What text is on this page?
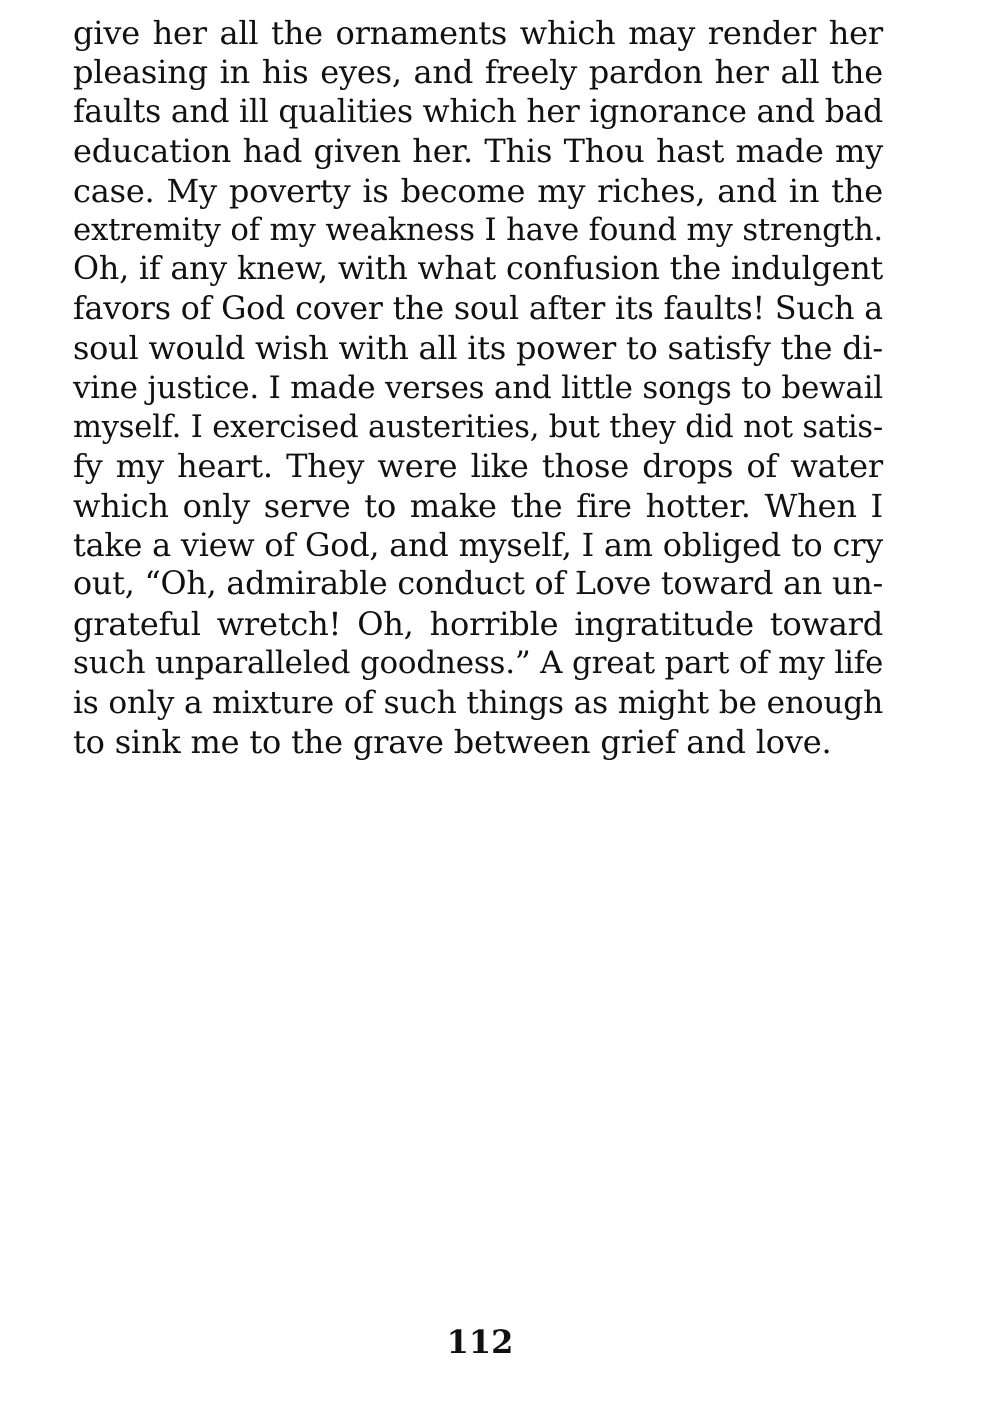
give her all the ornaments which may render her
pleasing in his eyes, and freely pardon her all the
faults and ill qualities which her ignorance and bad
education had given her. This Thou hast made my
case. My poverty is become my riches, and in the
extremity of my weakness I have found my strength.
Oh, if any knew, with what confusion the indulgent
favors of God cover the soul after its faults! Such a
soul would wish with all its power to satisfy the di-
vine justice. I made verses and little songs to bewail
myself. I exercised austerities, but they did not satis-
fy my heart. They were like those drops of water
which only serve to make the fire hotter. When I
take a view of God, and myself, I am obliged to cry
out, “Oh, admirable conduct of Love toward an un-
grateful wretch! Oh, horrible ingratitude toward
such unparalleled goodness.” A great part of my life
is only a mixture of such things as might be enough
to sink me to the grave between grief and love.
112
